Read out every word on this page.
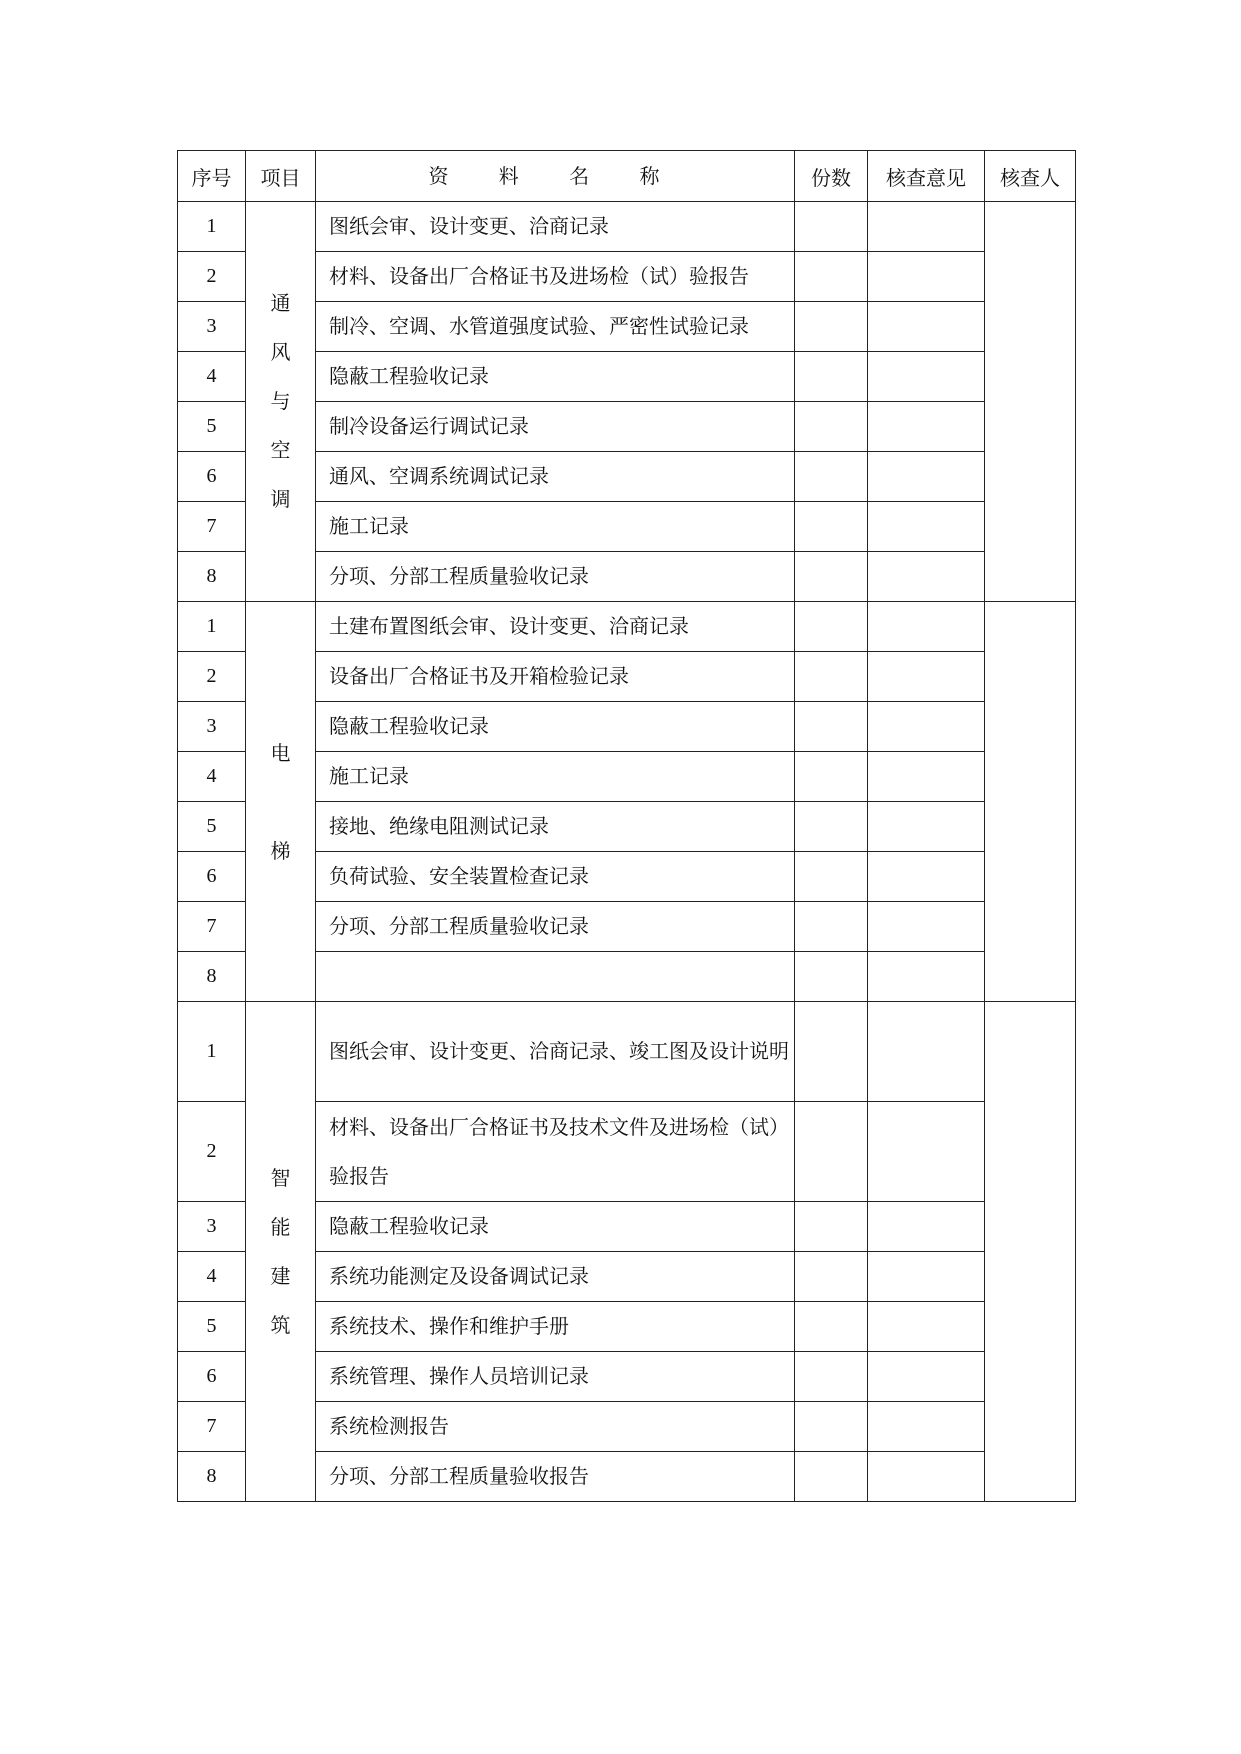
序号	项目	资 料 名 称	份数	核查意见	核查人
1	通风与空调	图纸会审、设计变更、洽商记录			
2		材料、设备出厂合格证书及进场检（试）验报告			
3		制冷、空调、水管道强度试验、严密性试验记录			
4		隐蔽工程验收记录			
5		制冷设备运行调试记录			
6		通风、空调系统调试记录			
7		施工记录			
8		分项、分部工程质量验收记录			
1	电梯	土建布置图纸会审、设计变更、洽商记录			
2		设备出厂合格证书及开箱检验记录			
3		隐蔽工程验收记录			
4		施工记录			
5		接地、绝缘电阻测试记录			
6		负荷试验、安全装置检查记录			
7		分项、分部工程质量验收记录			
8					
1	智能建筑	图纸会审、设计变更、洽商记录、竣工图及设计说明			
2		材料、设备出厂合格证书及技术文件及进场检（试）验报告			
3		隐蔽工程验收记录			
4		系统功能测定及设备调试记录			
5		系统技术、操作和维护手册			
6		系统管理、操作人员培训记录			
7		系统检测报告			
8		分项、分部工程质量验收报告			
